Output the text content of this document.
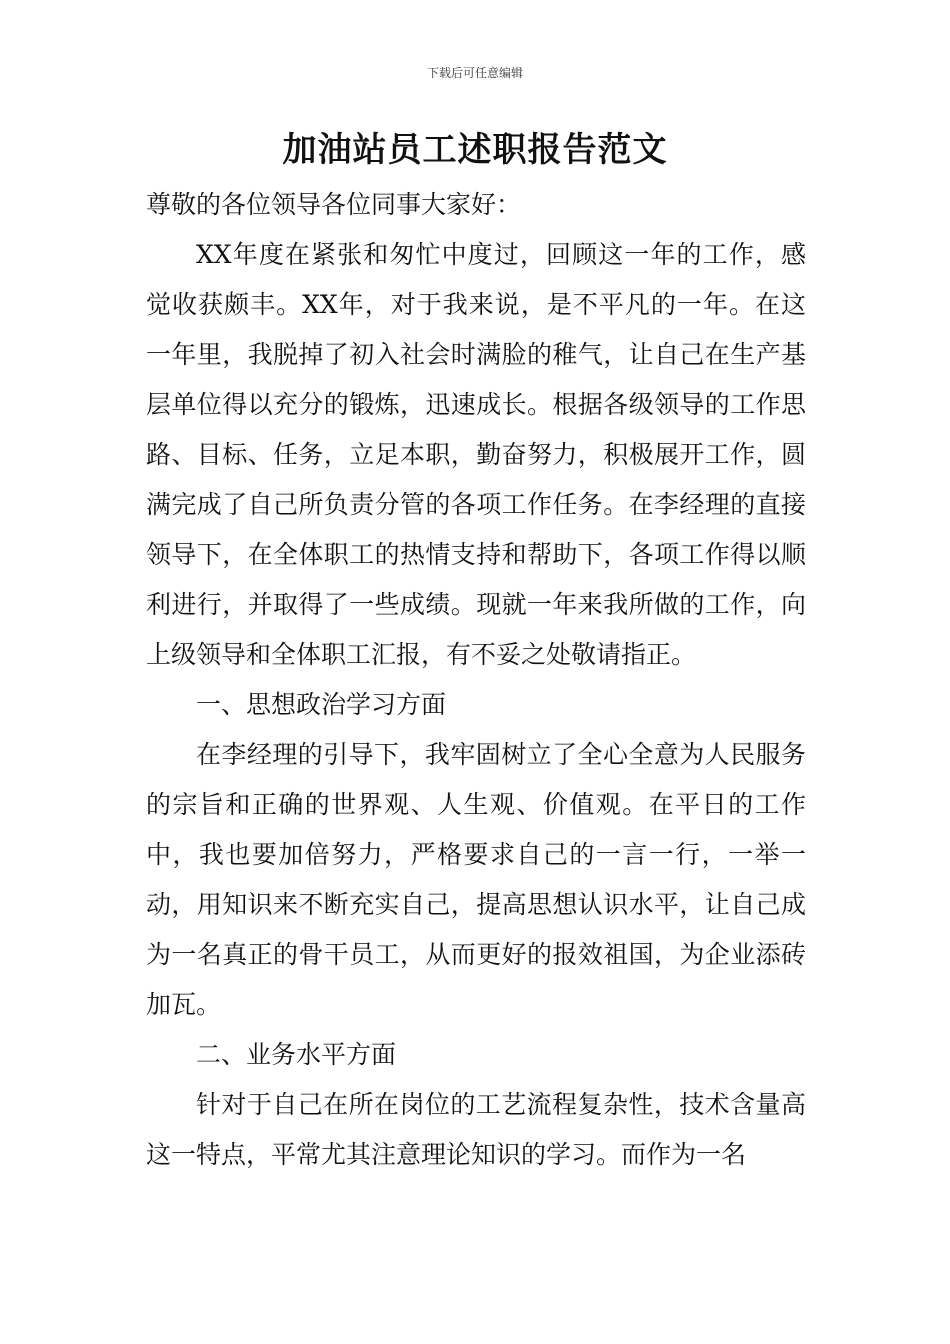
下载后可任意编辑
加油站员工述职报告范文

尊敬的各位领导各位同事大家好：

XX年度在紧张和匆忙中度过，回顾这一年的工作，感觉收获颇丰。XX年，对于我来说，是不平凡的一年。在这一年里，我脱掉了初入社会时满脸的稚气，让自己在生产基层单位得以充分的锻炼，迅速成长。根据各级领导的工作思路、目标、任务，立足本职，勤奋努力，积极展开工作，圆满完成了自己所负责分管的各项工作任务。在李经理的直接领导下，在全体职工的热情支持和帮助下，各项工作得以顺利进行，并取得了一些成绩。现就一年来我所做的工作，向上级领导和全体职工汇报，有不妥之处敬请指正。

一、思想政治学习方面

在李经理的引导下，我牢固树立了全心全意为人民服务的宗旨和正确的世界观、人生观、价值观。在平日的工作中，我也要加倍努力，严格要求自己的一言一行，一举一动，用知识来不断充实自己，提高思想认识水平，让自己成为一名真正的骨干员工，从而更好的报效祖国，为企业添砖加瓦。

二、业务水平方面

针对于自己在所在岗位的工艺流程复杂性，技术含量高这一特点，平常尤其注意理论知识的学习。而作为一名
